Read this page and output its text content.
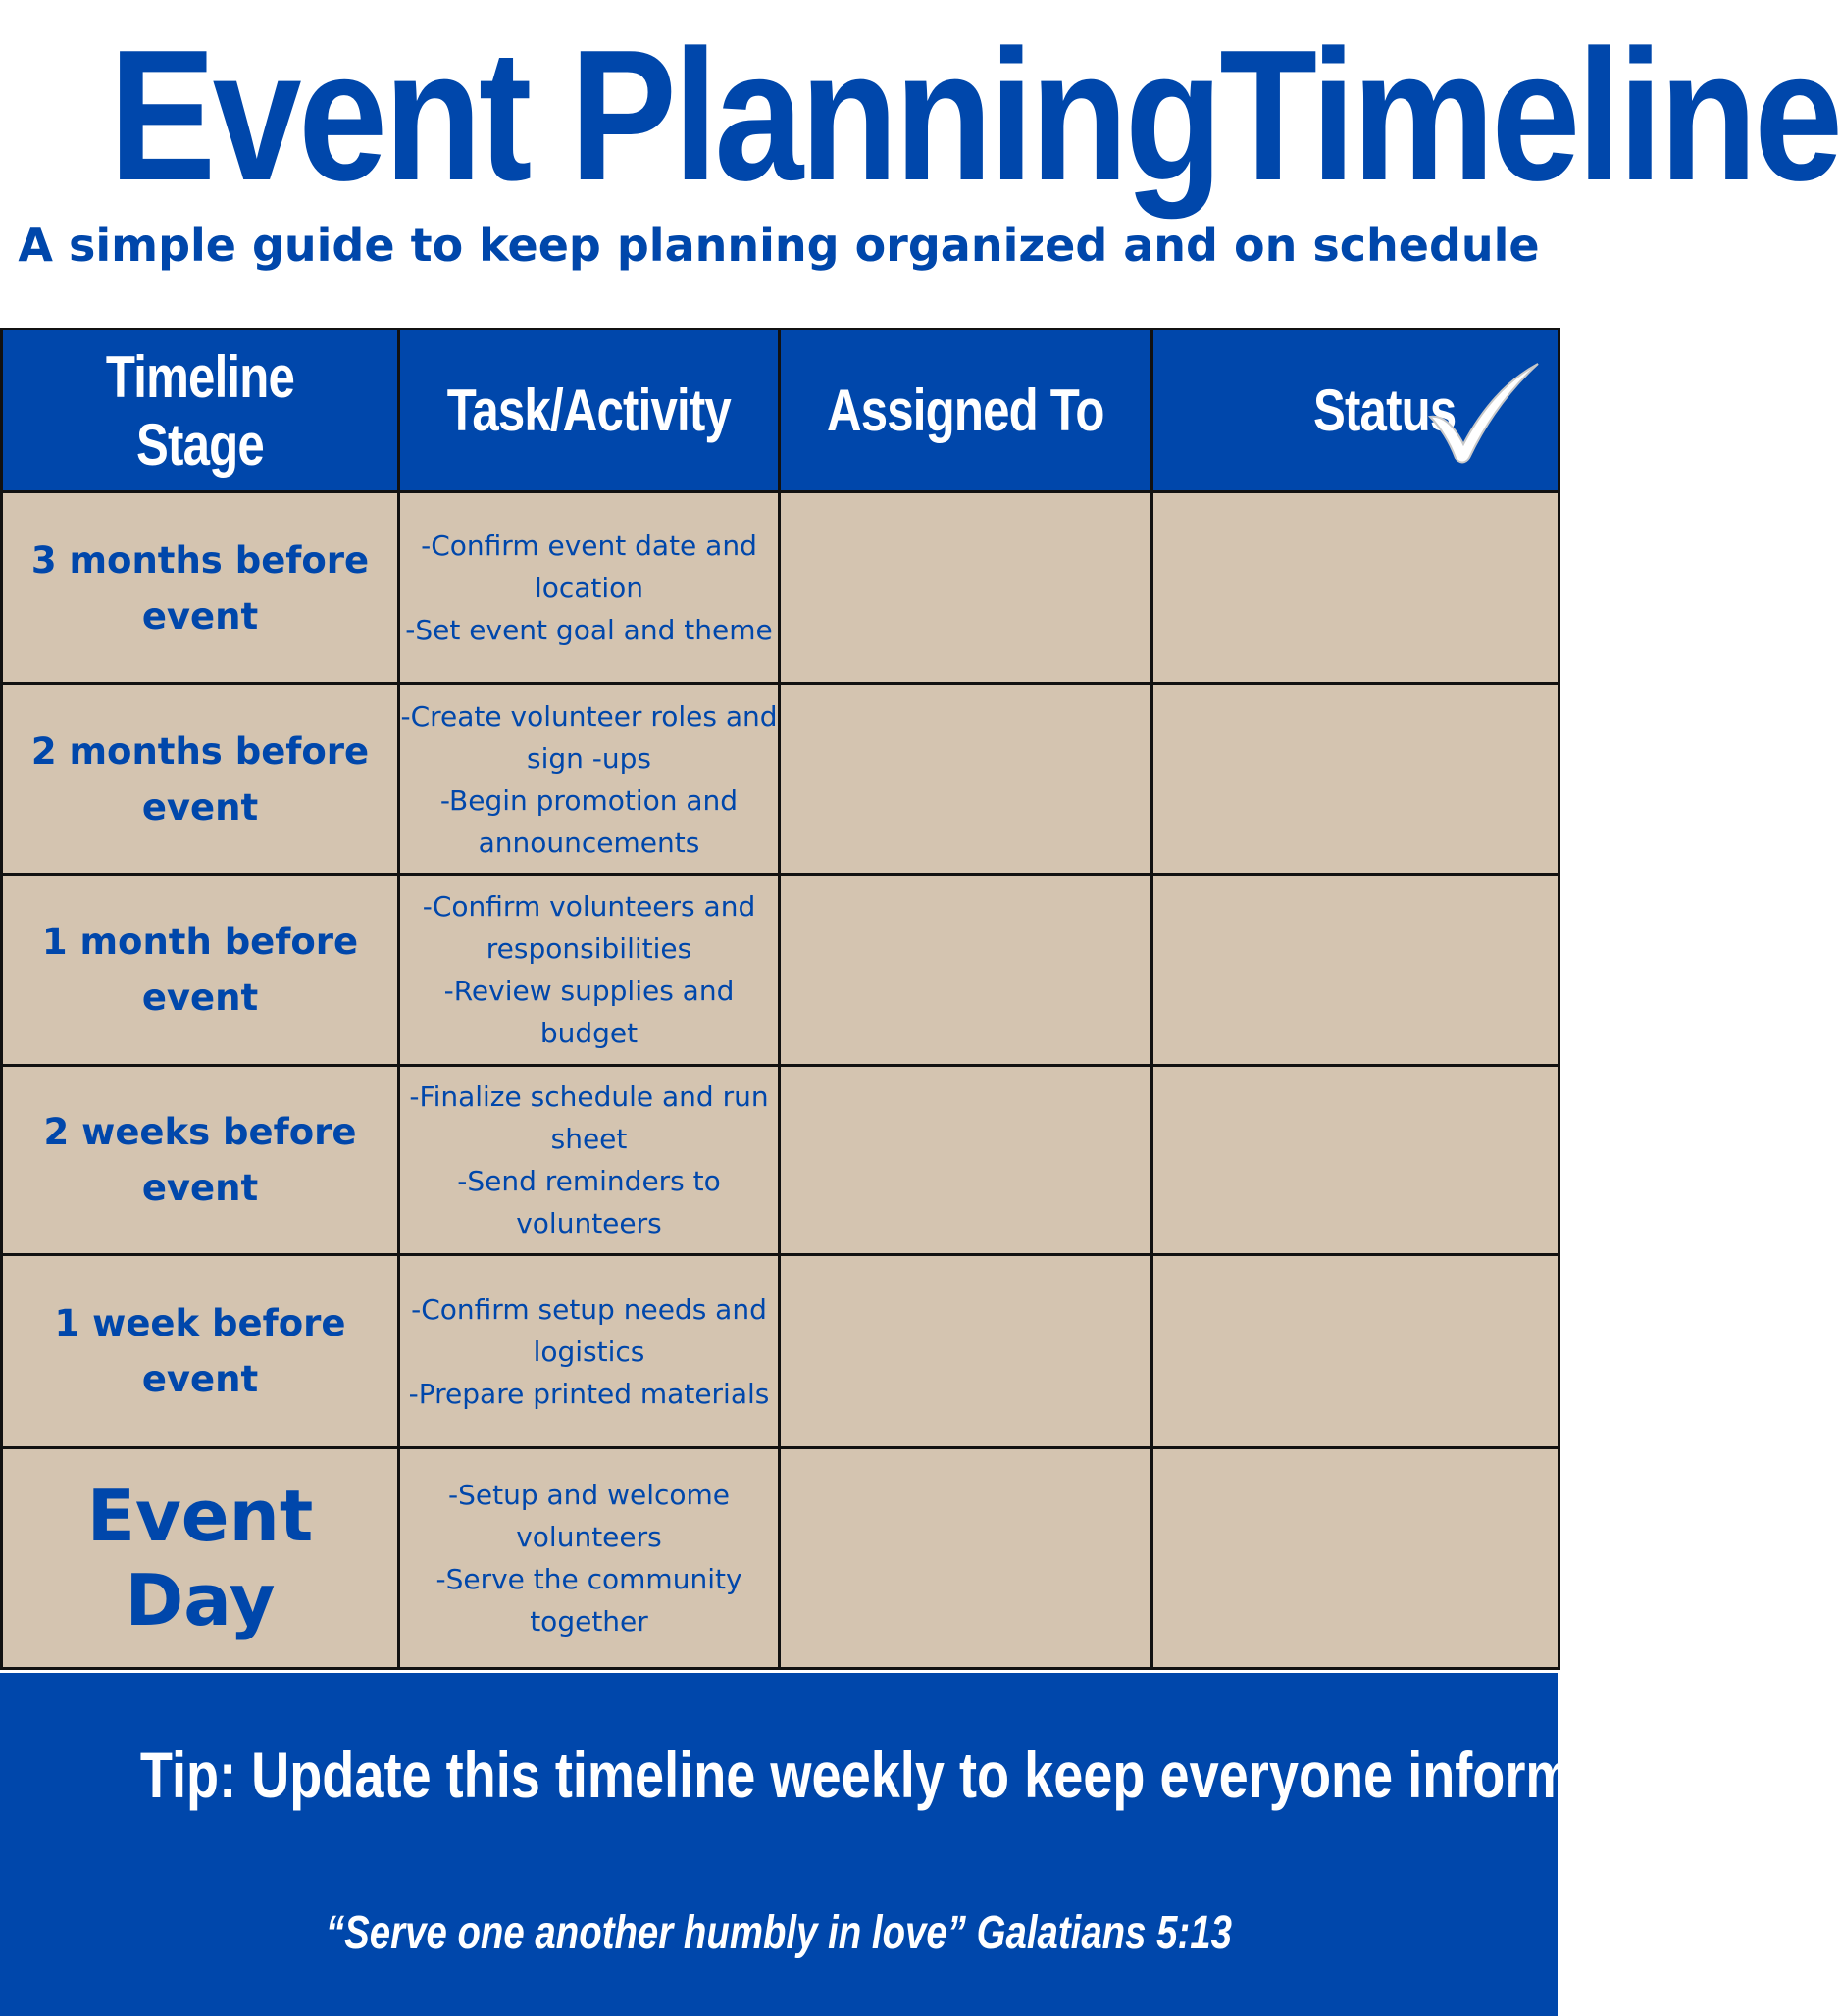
Event PlanningTimeline
A simple guide to keep planning organized and on schedule
Timeline Stage	Task/Activity	Assigned To	Status

3 months before event	-Confirm event date and location
-Set event goal and theme		

2 months before event	-Create volunteer roles and sign -ups
-Begin promotion and announcements		

1 month before event	-Confirm volunteers and responsibilities
-Review supplies and budget		

2 weeks before event	-Finalize schedule and run sheet
-Send reminders to volunteers		

1 week before event	-Confirm setup needs and logistics
-Prepare printed materials		

Event Day	-Setup and welcome volunteers
-Serve the community together		

Tip: Update this timeline weekly to keep everyone informed.
“Serve one another humbly in love” Galatians 5:13
